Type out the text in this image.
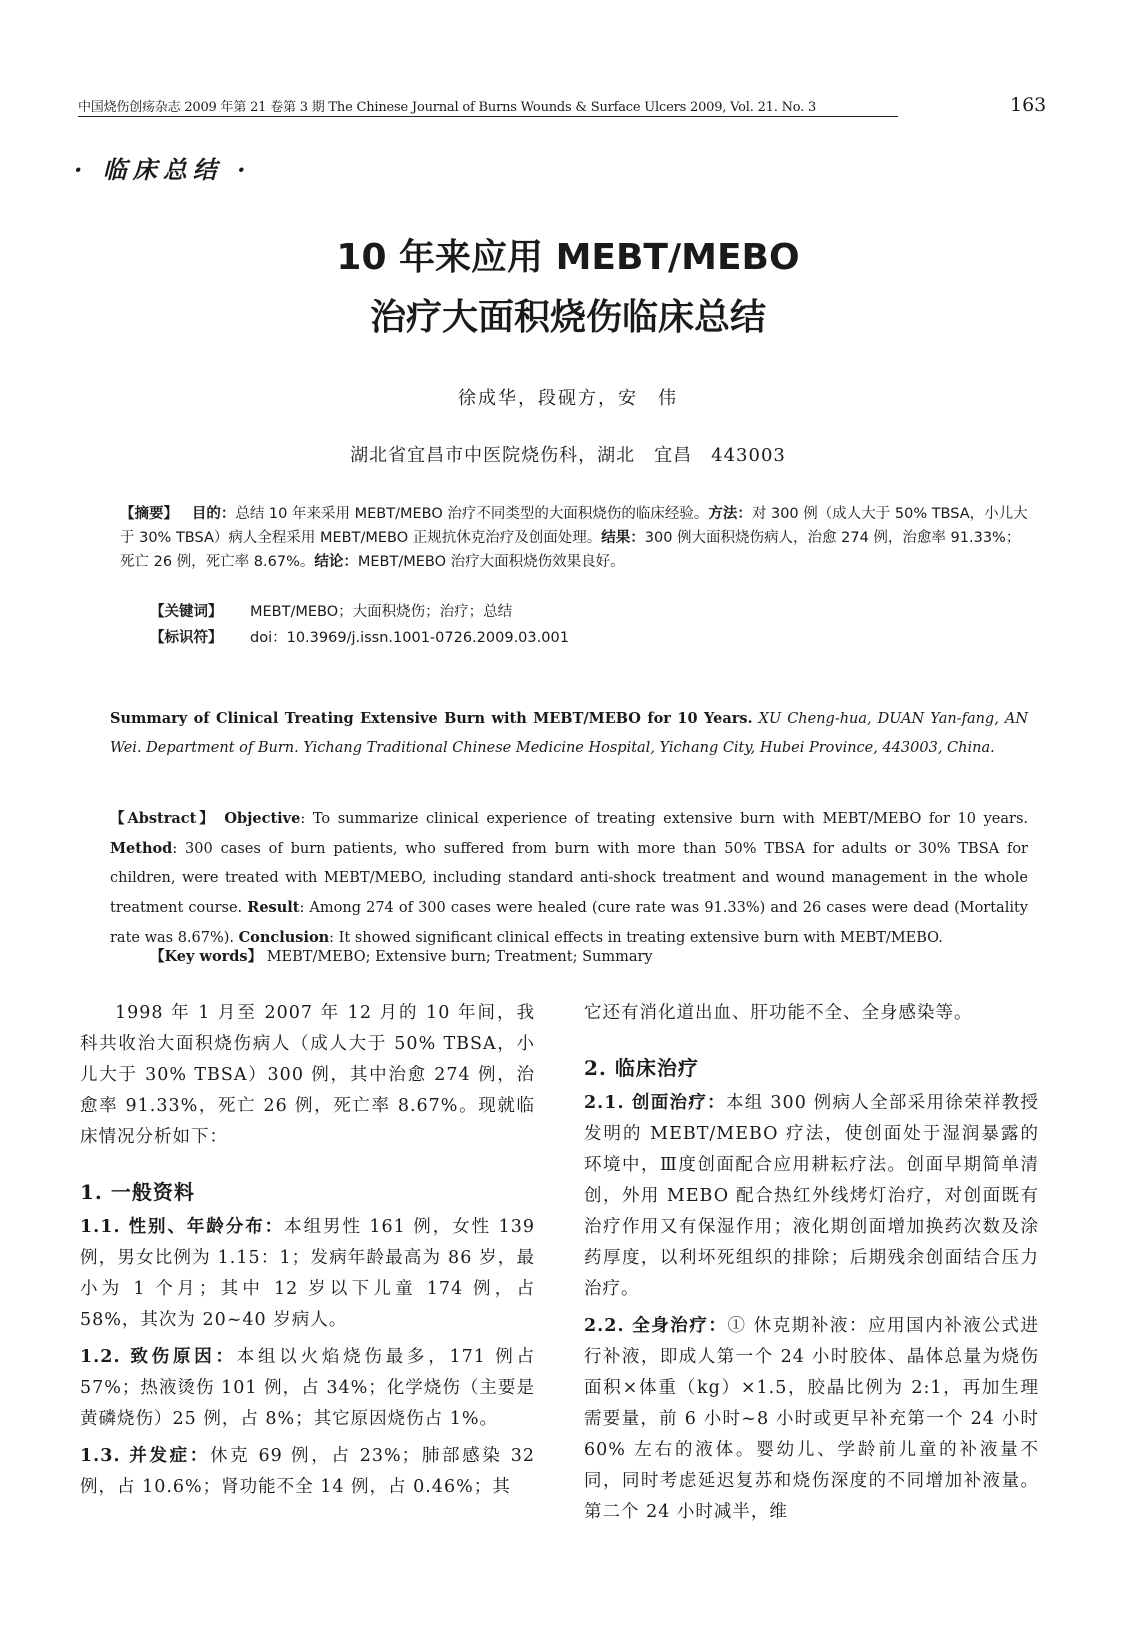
中国烧伤创疡杂志 2009 年第 21 卷第 3 期 The Chinese Journal of Burns Wounds & Surface Ulcers 2009, Vol. 21. No. 3	163
· 临床总结 ·
10 年来应用 MEBT/MEBO
治疗大面积烧伤临床总结
徐成华，段砚方，安　伟
湖北省宜昌市中医院烧伤科，湖北　宜昌　443003
【摘要】 目的：总结 10 年来采用 MEBT/MEBO 治疗不同类型的大面积烧伤的临床经验。方法：对 300 例（成人大于 50% TBSA，小儿大于 30% TBSA）病人全程采用 MEBT/MEBO 正规抗休克治疗及创面处理。结果：300 例大面积烧伤病人，治愈 274 例，治愈率 91.33%；死亡 26 例，死亡率 8.67%。结论：MEBT/MEBO 治疗大面积烧伤效果良好。
【关键词】 MEBT/MEBO；大面积烧伤；治疗；总结
【标识符】 doi：10.3969/j.issn.1001-0726.2009.03.001
Summary of Clinical Treating Extensive Burn with MEBT/MEBO for 10 Years. XU Cheng-hua, DUAN Yan-fang, AN Wei. Department of Burn. Yichang Traditional Chinese Medicine Hospital, Yichang City, Hubei Province, 443003, China.
【Abstract】 Objective: To summarize clinical experience of treating extensive burn with MEBT/MEBO for 10 years. Method: 300 cases of burn patients, who suffered from burn with more than 50% TBSA for adults or 30% TBSA for children, were treated with MEBT/MEBO, including standard anti-shock treatment and wound management in the whole treatment course. Result: Among 274 of 300 cases were healed (cure rate was 91.33%) and 26 cases were dead (Mortality rate was 8.67%). Conclusion: It showed significant clinical effects in treating extensive burn with MEBT/MEBO.
【Key words】 MEBT/MEBO; Extensive burn; Treatment; Summary

1998 年 1 月至 2007 年 12 月的 10 年间，我科共收治大面积烧伤病人（成人大于 50% TBSA，小儿大于 30% TBSA）300 例，其中治愈 274 例，治愈率 91.33%，死亡 26 例，死亡率 8.67%。现就临床情况分析如下：

1. 一般资料

1.1. 性别、年龄分布：本组男性 161 例，女性 139 例，男女比例为 1.15：1；发病年龄最高为 86 岁，最小为 1 个月；其中 12 岁以下儿童 174 例，占 58%，其次为 20~40 岁病人。

1.2. 致伤原因：本组以火焰烧伤最多，171 例占 57%；热液烫伤 101 例，占 34%；化学烧伤（主要是黄磷烧伤）25 例，占 8%；其它原因烧伤占 1%。

1.3. 并发症：休克 69 例，占 23%；肺部感染 32 例，占 10.6%；肾功能不全 14 例，占 0.46%；其

它还有消化道出血、肝功能不全、全身感染等。

2. 临床治疗

2.1. 创面治疗：本组 300 例病人全部采用徐荣祥教授发明的 MEBT/MEBO 疗法，使创面处于湿润暴露的环境中，Ⅲ度创面配合应用耕耘疗法。创面早期简单清创，外用 MEBO 配合热红外线烤灯治疗，对创面既有治疗作用又有保湿作用；液化期创面增加换药次数及涂药厚度，以利坏死组织的排除；后期残余创面结合压力治疗。

2.2. 全身治疗：① 休克期补液：应用国内补液公式进行补液，即成人第一个 24 小时胶体、晶体总量为烧伤面积×体重（kg）×1.5，胶晶比例为 2:1，再加生理需要量，前 6 小时~8 小时或更早补充第一个 24 小时 60% 左右的液体。婴幼儿、学龄前儿童的补液量不同，同时考虑延迟复苏和烧伤深度的不同增加补液量。第二个 24 小时减半，维
